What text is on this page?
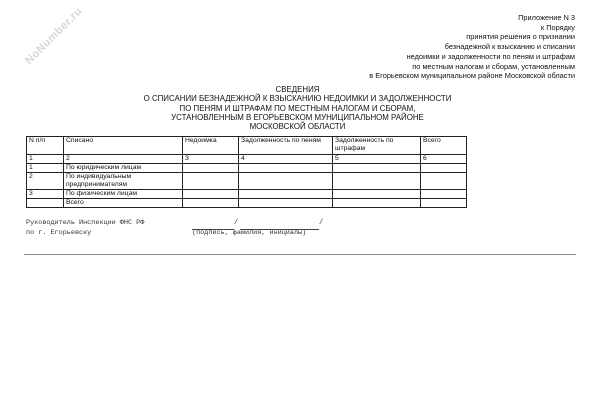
NoNumber.ru	Приложение N 3
к Порядку
принятия решения о признании
безнадежной к взысканию и списании
недоимки и задолженности по пеням и штрафам
по местным налогам и сборам, установленным
в Егорьевском муниципальном районе Московской области
СВЕДЕНИЯ
О СПИСАНИИ БЕЗНАДЕЖНОЙ К ВЗЫСКАНИЮ НЕДОИМКИ И ЗАДОЛЖЕННОСТИ
ПО ПЕНЯМ И ШТРАФАМ ПО МЕСТНЫМ НАЛОГАМ И СБОРАМ,
УСТАНОВЛЕННЫМ В ЕГОРЬЕВСКОМ МУНИЦИПАЛЬНОМ РАЙОНЕ
МОСКОВСКОЙ ОБЛАСТИ
N п/п	Списано	Недоимка	Задолженность по пеням	Задолженность по штрафам	Всего
1	2	3	4	5	6
1	По юридическим лицам				
2	По индивидуальным предпринимателям				
3	По физическим лицам				
	Всего				
Руководитель Инспекции ФНС РФ
по г. Егорьевску
/	/
(подпись, фамилия, инициалы)
